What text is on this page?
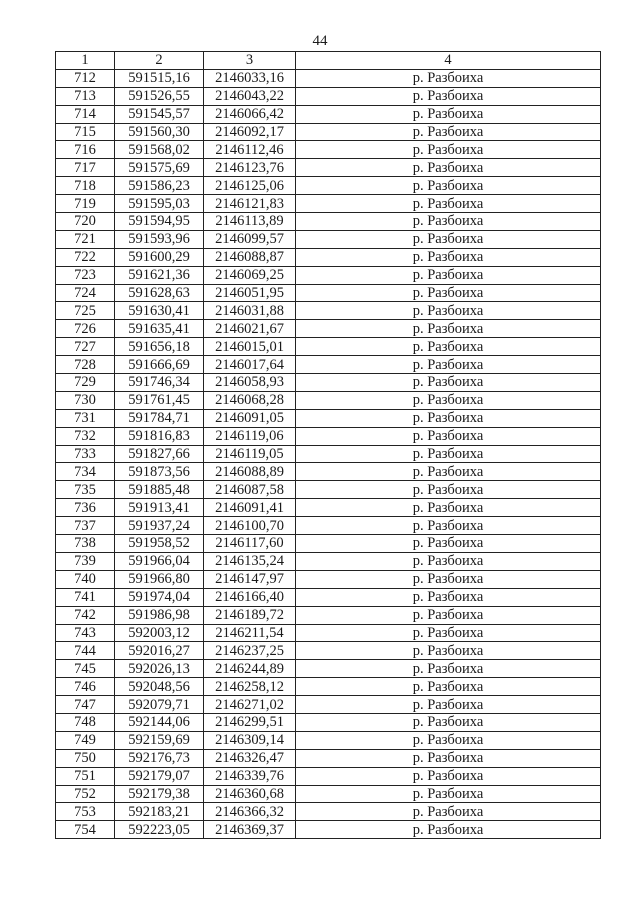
44
1	2	3	4
712	591515,16	2146033,16	р. Разбоиха
713	591526,55	2146043,22	р. Разбоиха
714	591545,57	2146066,42	р. Разбоиха
715	591560,30	2146092,17	р. Разбоиха
716	591568,02	2146112,46	р. Разбоиха
717	591575,69	2146123,76	р. Разбоиха
718	591586,23	2146125,06	р. Разбоиха
719	591595,03	2146121,83	р. Разбоиха
720	591594,95	2146113,89	р. Разбоиха
721	591593,96	2146099,57	р. Разбоиха
722	591600,29	2146088,87	р. Разбоиха
723	591621,36	2146069,25	р. Разбоиха
724	591628,63	2146051,95	р. Разбоиха
725	591630,41	2146031,88	р. Разбоиха
726	591635,41	2146021,67	р. Разбоиха
727	591656,18	2146015,01	р. Разбоиха
728	591666,69	2146017,64	р. Разбоиха
729	591746,34	2146058,93	р. Разбоиха
730	591761,45	2146068,28	р. Разбоиха
731	591784,71	2146091,05	р. Разбоиха
732	591816,83	2146119,06	р. Разбоиха
733	591827,66	2146119,05	р. Разбоиха
734	591873,56	2146088,89	р. Разбоиха
735	591885,48	2146087,58	р. Разбоиха
736	591913,41	2146091,41	р. Разбоиха
737	591937,24	2146100,70	р. Разбоиха
738	591958,52	2146117,60	р. Разбоиха
739	591966,04	2146135,24	р. Разбоиха
740	591966,80	2146147,97	р. Разбоиха
741	591974,04	2146166,40	р. Разбоиха
742	591986,98	2146189,72	р. Разбоиха
743	592003,12	2146211,54	р. Разбоиха
744	592016,27	2146237,25	р. Разбоиха
745	592026,13	2146244,89	р. Разбоиха
746	592048,56	2146258,12	р. Разбоиха
747	592079,71	2146271,02	р. Разбоиха
748	592144,06	2146299,51	р. Разбоиха
749	592159,69	2146309,14	р. Разбоиха
750	592176,73	2146326,47	р. Разбоиха
751	592179,07	2146339,76	р. Разбоиха
752	592179,38	2146360,68	р. Разбоиха
753	592183,21	2146366,32	р. Разбоиха
754	592223,05	2146369,37	р. Разбоиха
